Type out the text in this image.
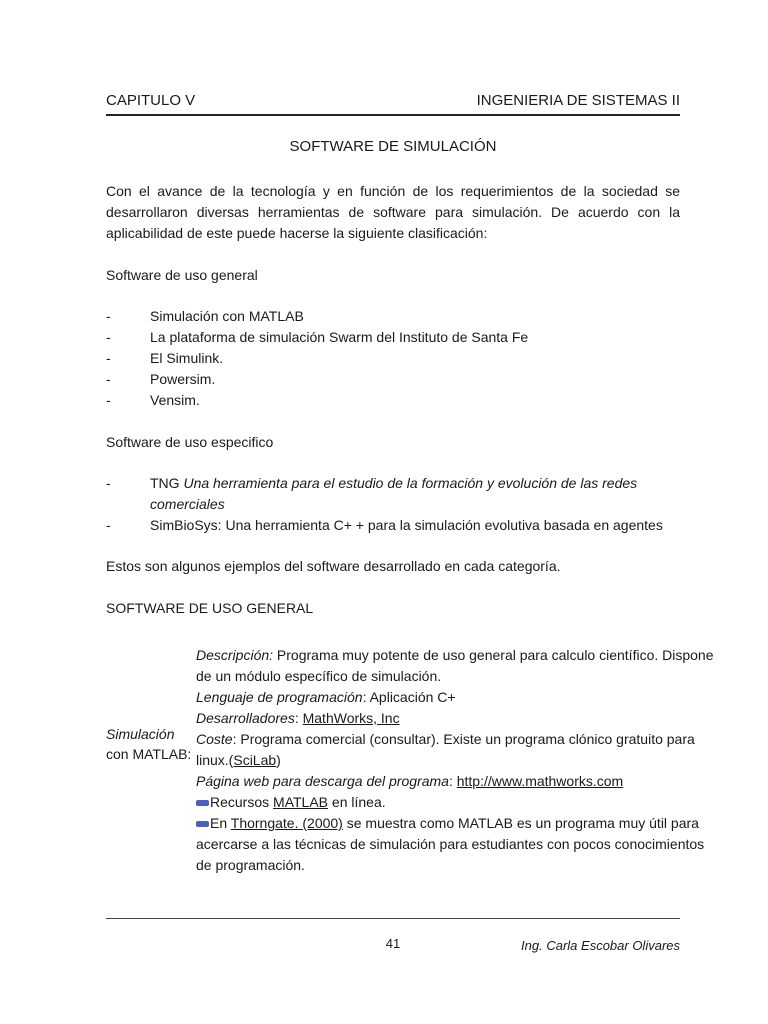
CAPITULO V	INGENIERIA DE SISTEMAS II
SOFTWARE DE SIMULACIÓN
Con el avance de la tecnología y en función de los requerimientos de la sociedad se desarrollaron diversas herramientas de software para simulación. De acuerdo con la aplicabilidad de este puede hacerse la siguiente clasificación:
Software de uso general
-	Simulación con MATLAB
-	La plataforma de simulación Swarm del Instituto de Santa Fe
-	El Simulink.
-	Powersim.
-	Vensim.
Software de uso especifico
-	TNG Una herramienta para el estudio de la formación y evolución de las redes comerciales
-	SimBioSys: Una herramienta C+ + para la simulación evolutiva basada en agentes
Estos son algunos ejemplos del software desarrollado en cada categoría.
SOFTWARE DE USO GENERAL
Simulación
con MATLAB:
Descripción: Programa muy potente de uso general para calculo científico. Dispone de un módulo específico de simulación.
Lenguaje de programación: Aplicación C+
Desarrolladores: MathWorks, Inc
Coste: Programa comercial (consultar). Existe un programa clónico gratuito para linux.(SciLab)
Página web para descarga del programa: http://www.mathworks.com
Recursos MATLAB en línea.
En Thorngate. (2000) se muestra como MATLAB es un programa muy útil para acercarse a las técnicas de simulación para estudiantes con pocos conocimientos de programación.
41	Ing. Carla Escobar Olivares
